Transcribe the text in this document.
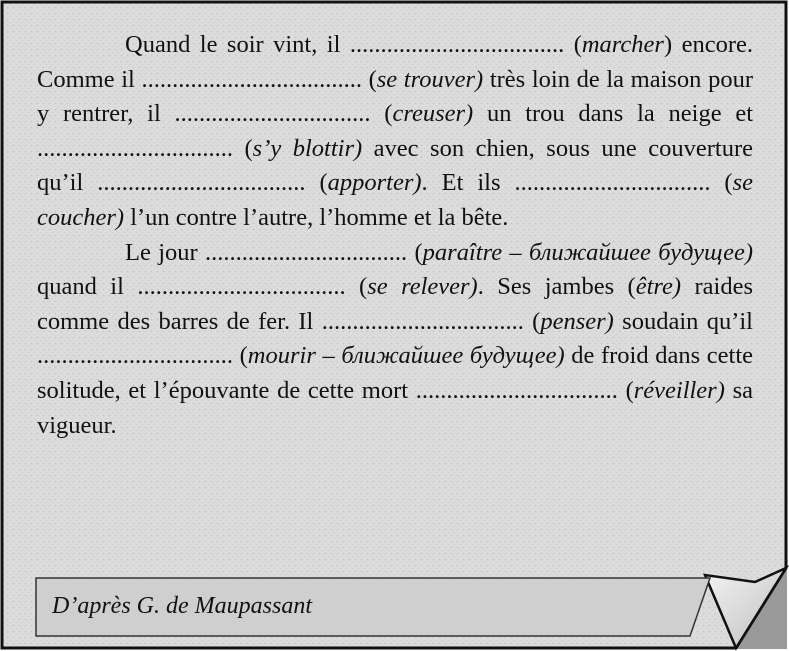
Quand le soir vint, il ................................... (marcher) encore. Comme il .................................... (se trouver) très loin de la maison pour y rentrer, il ................................ (creuser) un trou dans la neige et ................................ (s’y blottir) avec son chien, sous une couverture qu’il .................................. (apporter). Et ils ................................ (se coucher) l’un contre l’autre, l’homme et la bête.

Le jour ................................. (paraître – ближайшее будущее) quand il .................................. (se relever). Ses jambes (être) raides comme des barres de fer. Il ................................. (penser) soudain qu’il ................................ (mourir – ближайшее будущее) de froid dans cette solitude, et l’épouvante de cette mort ................................. (réveiller) sa vigueur.

D’après G. de Maupassant
